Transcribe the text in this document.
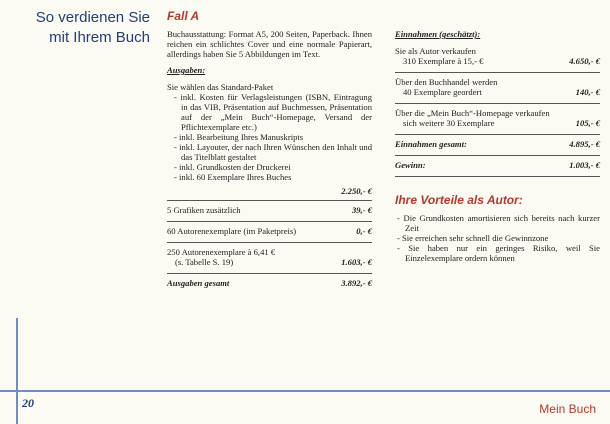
So verdienen Sie
mit Ihrem Buch
20	Mein Buch
Fall A

Buchausstattung: Format A5, 200 Seiten, Paperback. Ihnen reichen ein schlichtes Cover und eine normale Papierart, allerdings haben Sie 5 Abbildungen im Text.

Ausgaben:
Sie wählen das Standard-Paket
- inkl. Kosten für Verlagsleistungen (ISBN, Eintragung in das VIB, Präsentation auf Buchmessen, Präsentation auf der „Mein Buch“-Homepage, Versand der Pflichtexemplare etc.)
- inkl. Bearbeitung Ihres Manuskripts
- inkl. Layouter, der nach Ihren Wünschen den Inhalt und das Titelblatt gestaltet
- inkl. Grundkosten der Druckerei
- inkl. 60 Exemplare Ihres Buches
2.250,- €
5 Grafiken zusätzlich	39,- €
60 Autorenexemplare (im Paketpreis)	0,- €
250 Autorenexemplare à 6,41 €
(s. Tabelle S. 19)	1.603,- €
Ausgaben gesamt	3.892,- €
Einnahmen (geschätzt):
Sie als Autor verkaufen
310 Exemplare à 15,- €	4.650,- €
Über den Buchhandel werden
40 Exemplare geordert	140,- €
Über die „Mein Buch“-Homepage verkaufen
sich weitere 30 Exemplare	105,- €
Einnahmen gesamt:	4.895,- €
Gewinn:	1.003,- €
Ihre Vorteile als Autor:
- Die Grundkosten amortisieren sich bereits nach kurzer Zeit
- Sie erreichen sehr schnell die Gewinnzone
- Sie haben nur ein geringes Risiko, weil Sie Einzelexemplare ordern können
